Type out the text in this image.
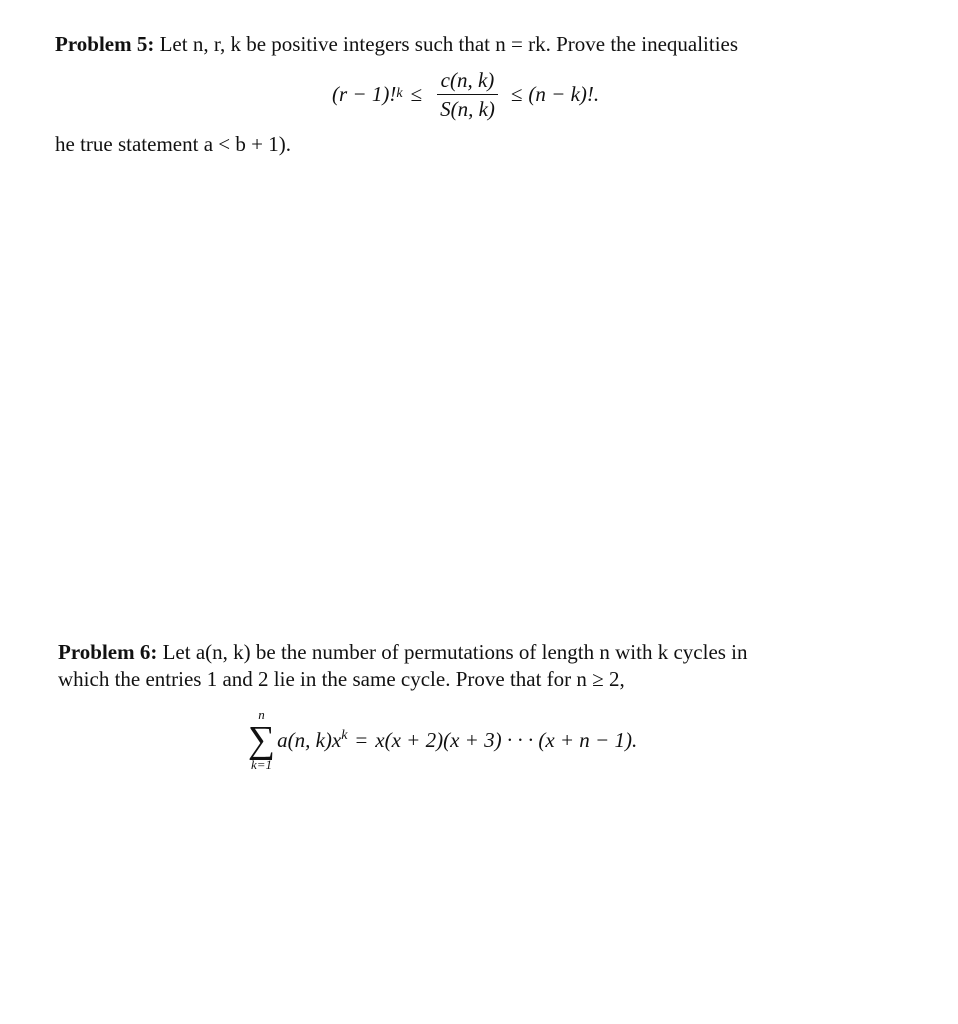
Problem 5: Let n, r, k be positive integers such that n = rk. Prove the inequalities
(r − 1)! $k \le \frac{c(n, k)}{S(n, k)} \le (n - k)$!.
he true statement a < b + 1).
Problem 6: Let a(n, k) be the number of permutations of length n with k cycles in
which the entries 1 and 2 lie in the same cycle. Prove that for n ≥ 2,
n
∑
k=1
a(n, $k)x^k = x(x + 2)(x + 3)$ · · · (x + n − 1).
